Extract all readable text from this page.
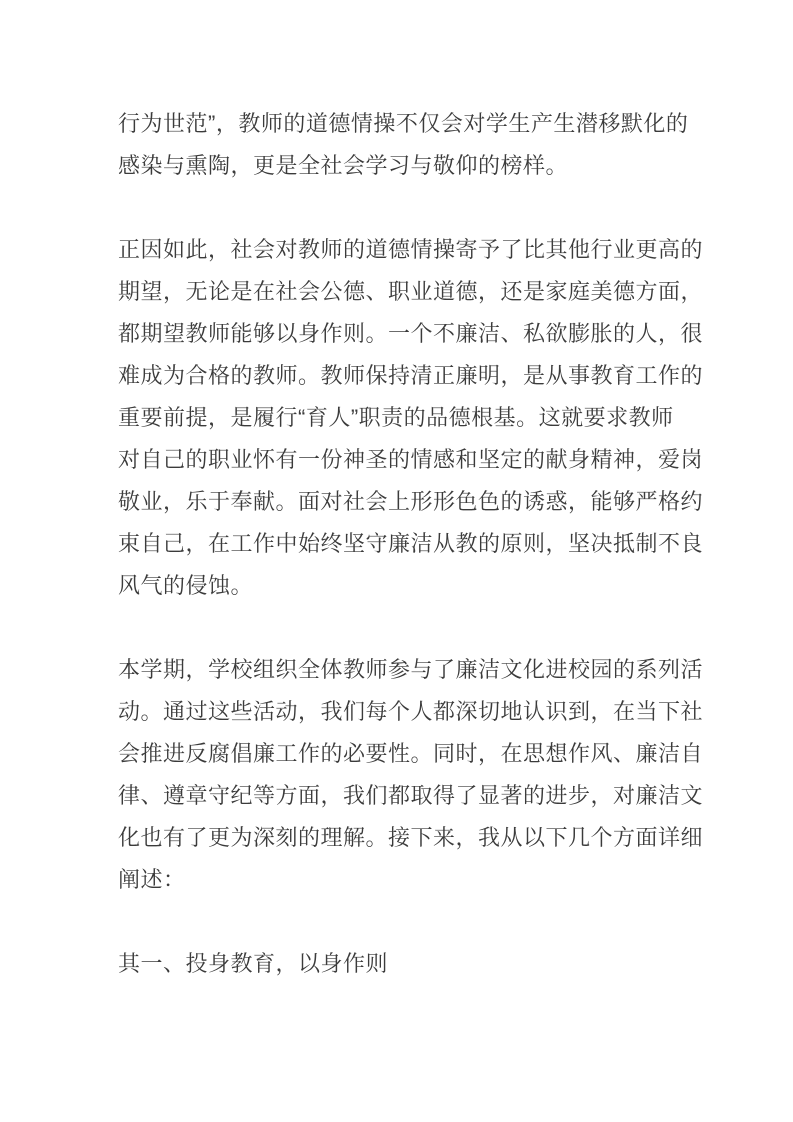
行为世范”，教师的道德情操不仅会对学生产生潜移默化的
感染与熏陶，更是全社会学习与敬仰的榜样。
正因如此，社会对教师的道德情操寄予了比其他行业更高的
期望，无论是在社会公德、职业道德，还是家庭美德方面，
都期望教师能够以身作则。一个不廉洁、私欲膨胀的人，很
难成为合格的教师。教师保持清正廉明，是从事教育工作的
重要前提，是履行“育人”职责的品德根基。这就要求教师
对自己的职业怀有一份神圣的情感和坚定的献身精神，爱岗
敬业，乐于奉献。面对社会上形形色色的诱惑，能够严格约
束自己，在工作中始终坚守廉洁从教的原则，坚决抵制不良
风气的侵蚀。
本学期，学校组织全体教师参与了廉洁文化进校园的系列活
动。通过这些活动，我们每个人都深切地认识到，在当下社
会推进反腐倡廉工作的必要性。同时，在思想作风、廉洁自
律、遵章守纪等方面，我们都取得了显著的进步，对廉洁文
化也有了更为深刻的理解。接下来，我从以下几个方面详细
阐述：
其一、投身教育，以身作则
